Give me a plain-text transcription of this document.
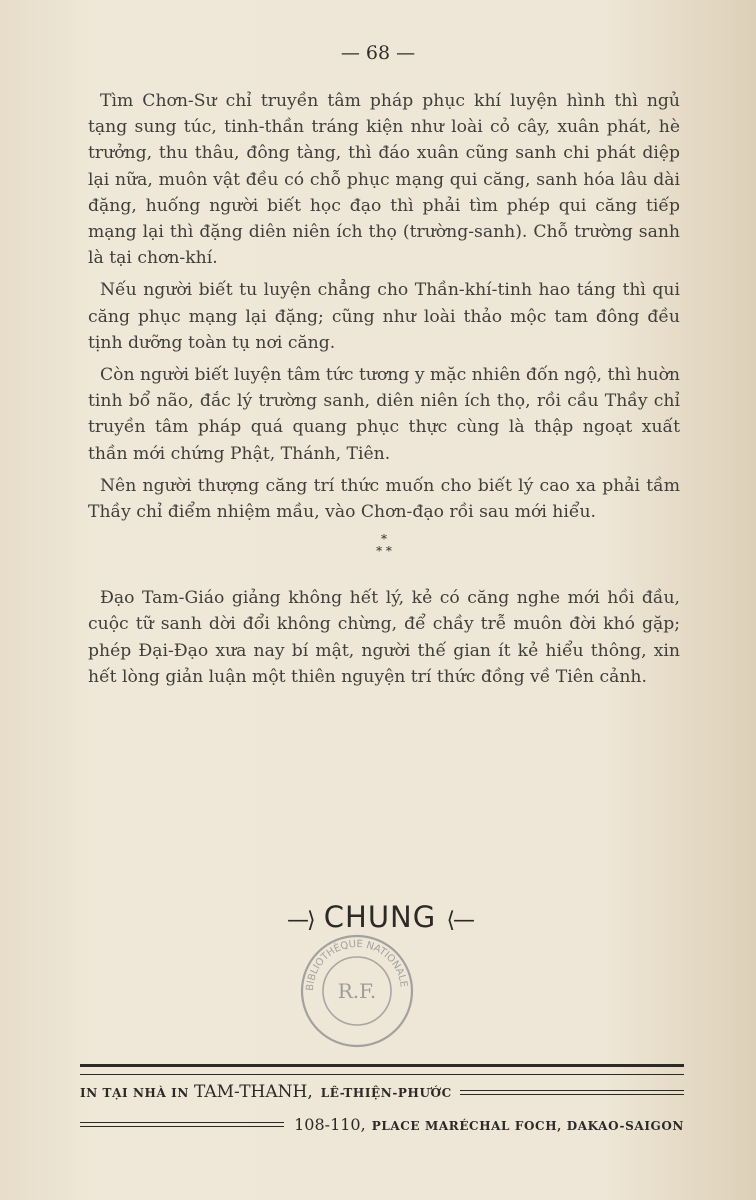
— 68 —

Tìm Chơn-Sư chỉ truyền tâm pháp phục khí luyện hình thì ngủ tạng sung túc, tinh-thần tráng kiện như loài cỏ cây, xuân phát, hè trưởng, thu thâu, đông tàng, thì đáo xuân cũng sanh chi phát diệp lại nữa, muôn vật đều có chỗ phục mạng qui căng, sanh hóa lâu dài đặng, huống người biết học đạo thì phải tìm phép qui căng tiếp mạng lại thì đặng diên niên ích thọ (trường-sanh). Chỗ trường sanh là tại chơn-khí.

Nếu người biết tu luyện chẳng cho Thần-khí-tinh hao táng thì qui căng phục mạng lại đặng; cũng như loài thảo mộc tam đông đều tịnh dưỡng toàn tụ nơi căng.

Còn người biết luyện tâm tức tương y mặc nhiên đốn ngộ, thì huờn tinh bổ não, đắc lý trường sanh, diên niên ích thọ, rồi cầu Thầy chỉ truyền tâm pháp quá quang phục thực cùng là thập ngoạt xuất thần mới chứng Phật, Thánh, Tiên.

Nên người thượng căng trí thức muốn cho biết lý cao xa phải tầm Thầy chỉ điểm nhiệm mầu, vào Chơn-đạo rồi sau mới hiểu.

*
* *

Đạo Tam-Giáo giảng không hết lý, kẻ có căng nghe mới hồi đầu, cuộc tữ sanh dời đổi không chừng, để chầy trễ muôn đời khó gặp; phép Đại-Đạo xưa nay bí mật, người thế gian ít kẻ hiểu thông, xin hết lòng giản luận một thiên nguyện trí thức đồng về Tiên cảnh.

—⟩ CHUNG ⟨—
BIBLIOTHÈQUE NATIONALE
R.F.
IN TẠI NHÀ IN TAM-THANH, LÊ-THIỆN-PHƯỚC
108-110, PLACE MARÉCHAL FOCH, DAKAO-SAIGON
